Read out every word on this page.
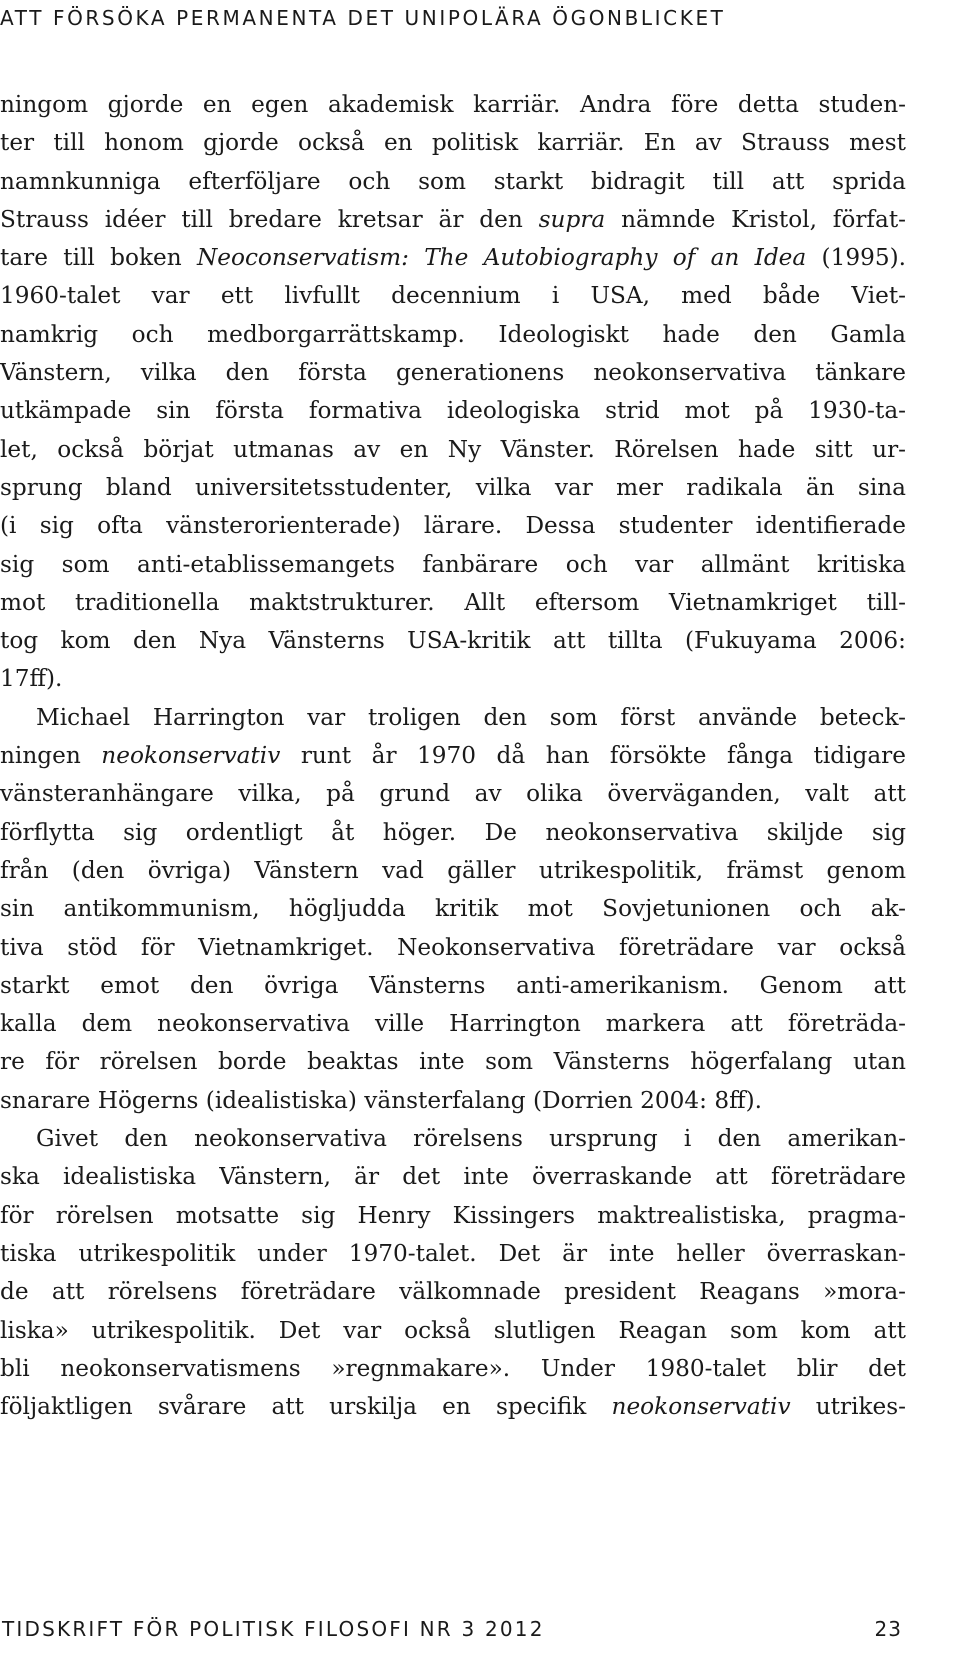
ATT FÖRSÖKA PERMANENTA DET UNIPOLÄRA ÖGONBLICKET
ningom gjorde en egen akademisk karriär. Andra före detta studen-
ter till honom gjorde också en politisk karriär. En av Strauss mest
namnkunniga efterföljare och som starkt bidragit till att sprida
Strauss idéer till bredare kretsar är den supra nämnde Kristol, förfat-
tare till boken Neoconservatism: The Autobiography of an Idea (1995).
1960-talet var ett livfullt decennium i USA, med både Viet-
namkrig och medborgarrättskamp. Ideologiskt hade den Gamla
Vänstern, vilka den första generationens neokonservativa tänkare
utkämpade sin första formativa ideologiska strid mot på 1930-ta-
let, också börjat utmanas av en Ny Vänster. Rörelsen hade sitt ur-
sprung bland universitetsstudenter, vilka var mer radikala än sina
(i sig ofta vänsterorienterade) lärare. Dessa studenter identifierade
sig som anti-etablissemangets fanbärare och var allmänt kritiska
mot traditionella maktstrukturer. Allt eftersom Vietnamkriget till-
tog kom den Nya Vänsterns USA-kritik att tillta (Fukuyama 2006:
17ff).
Michael Harrington var troligen den som först använde beteck-
ningen neokonservativ runt år 1970 då han försökte fånga tidigare
vänsteranhängare vilka, på grund av olika överväganden, valt att
förflytta sig ordentligt åt höger. De neokonservativa skiljde sig
från (den övriga) Vänstern vad gäller utrikespolitik, främst genom
sin antikommunism, högljudda kritik mot Sovjetunionen och ak-
tiva stöd för Vietnamkriget. Neokonservativa företrädare var också
starkt emot den övriga Vänsterns anti-amerikanism. Genom att
kalla dem neokonservativa ville Harrington markera att företräda-
re för rörelsen borde beaktas inte som Vänsterns högerfalang utan
snarare Högerns (idealistiska) vänsterfalang (Dorrien 2004: 8ff).
Givet den neokonservativa rörelsens ursprung i den amerikan-
ska idealistiska Vänstern, är det inte överraskande att företrädare
för rörelsen motsatte sig Henry Kissingers maktrealistiska, pragma-
tiska utrikespolitik under 1970-talet. Det är inte heller överraskan-
de att rörelsens företrädare välkomnade president Reagans »mora-
liska» utrikespolitik. Det var också slutligen Reagan som kom att
bli neokonservatismens »regnmakare». Under 1980-talet blir det
följaktligen svårare att urskilja en specifik neokonservativ utrikes-
TIDSKRIFT FÖR POLITISK FILOSOFI NR 3 2012	23
